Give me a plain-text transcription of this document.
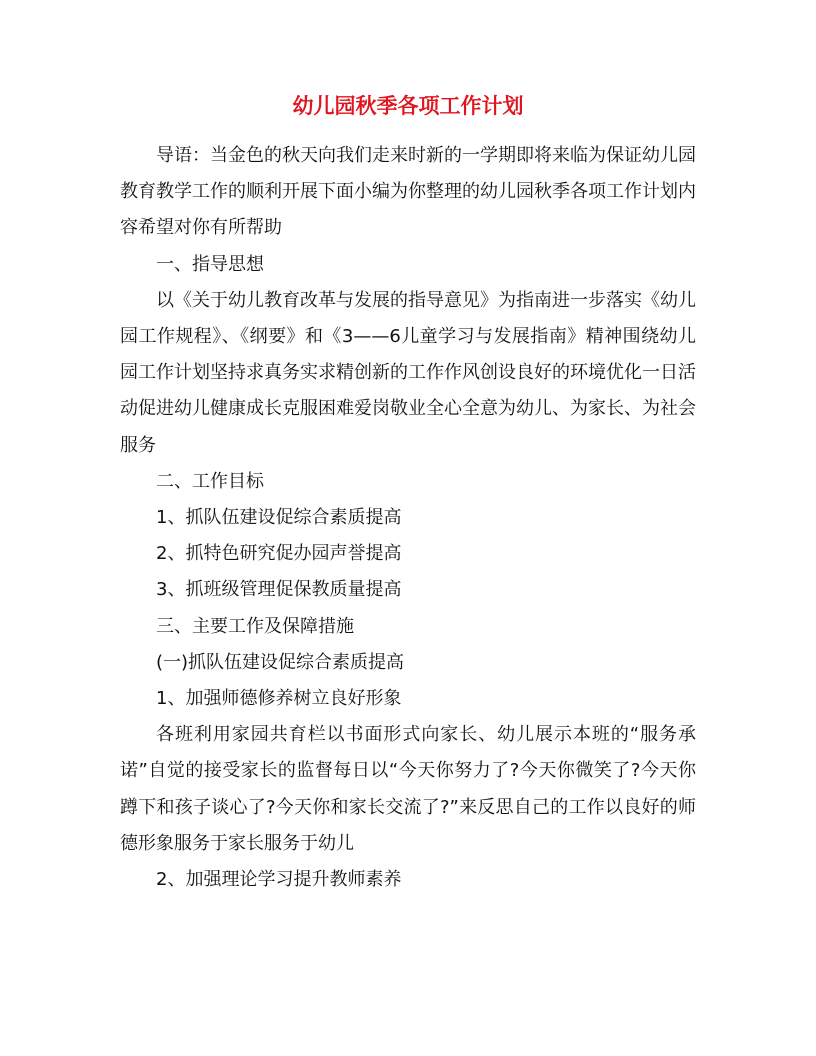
幼儿园秋季各项工作计划

导语：当金色的秋天向我们走来时新的一学期即将来临为保证幼儿园教育教学工作的顺利开展下面小编为你整理的幼儿园秋季各项工作计划内容希望对你有所帮助

一、指导思想

以《关于幼儿教育改革与发展的指导意见》为指南进一步落实《幼儿园工作规程》、《纲要》和《3——6儿童学习与发展指南》精神围绕幼儿园工作计划坚持求真务实求精创新的工作作风创设良好的环境优化一日活动促进幼儿健康成长克服困难爱岗敬业全心全意为幼儿、为家长、为社会服务

二、工作目标

1、抓队伍建设促综合素质提高

2、抓特色研究促办园声誉提高

3、抓班级管理促保教质量提高

三、主要工作及保障措施

(一)抓队伍建设促综合素质提高

1、加强师德修养树立良好形象

各班利用家园共育栏以书面形式向家长、幼儿展示本班的“服务承诺”自觉的接受家长的监督每日以“今天你努力了?今天你微笑了?今天你蹲下和孩子谈心了?今天你和家长交流了?”来反思自己的工作以良好的师德形象服务于家长服务于幼儿

2、加强理论学习提升教师素养
